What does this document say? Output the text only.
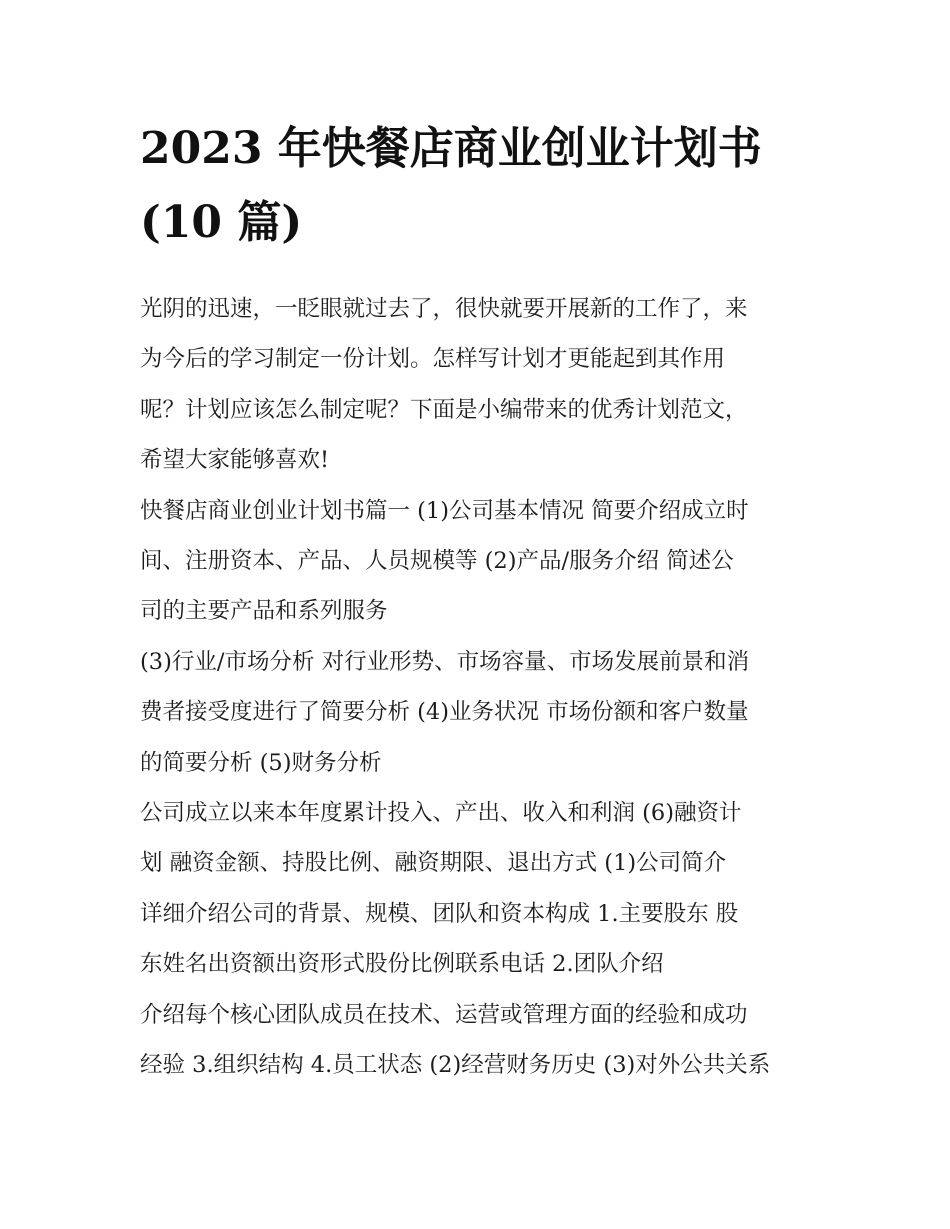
2023 年快餐店商业创业计划书
(10 篇)

光阴的迅速，一眨眼就过去了，很快就要开展新的工作了，来
为今后的学习制定一份计划。怎样写计划才更能起到其作用
呢？计划应该怎么制定呢？下面是小编带来的优秀计划范文，
希望大家能够喜欢!

快餐店商业创业计划书篇一 (1)公司基本情况 简要介绍成立时
间、注册资本、产品、人员规模等 (2)产品/服务介绍 简述公
司的主要产品和系列服务

(3)行业/市场分析 对行业形势、市场容量、市场发展前景和消
费者接受度进行了简要分析 (4)业务状况 市场份额和客户数量
的简要分析 (5)财务分析

公司成立以来本年度累计投入、产出、收入和利润 (6)融资计
划 融资金额、持股比例、融资期限、退出方式 (1)公司简介
详细介绍公司的背景、规模、团队和资本构成 1.主要股东 股
东姓名出资额出资形式股份比例联系电话 2.团队介绍
介绍每个核心团队成员在技术、运营或管理方面的经验和成功
经验 3.组织结构 4.员工状态 (2)经营财务历史 (3)对外公共关系
